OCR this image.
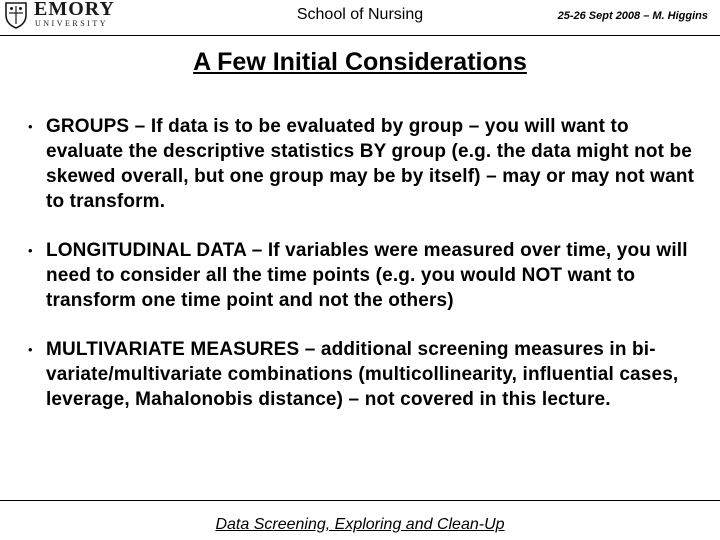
EMORY
UNIVERSITY
School of Nursing	25-26 Sept 2008 – M. Higgins
A Few Initial Considerations
• GROUPS – If data is to be evaluated by group – you will want to evaluate the descriptive statistics BY group (e.g. the data might not be skewed overall, but one group may be by itself) – may or may not want to transform.
• LONGITUDINAL DATA – If variables were measured over time, you will need to consider all the time points (e.g. you would NOT want to transform one time point and not the others)
• MULTIVARIATE MEASURES – additional screening measures in bi-variate/multivariate combinations (multicollinearity, influential cases, leverage, Mahalonobis distance) – not covered in this lecture.
Data Screening, Exploring and Clean-Up
